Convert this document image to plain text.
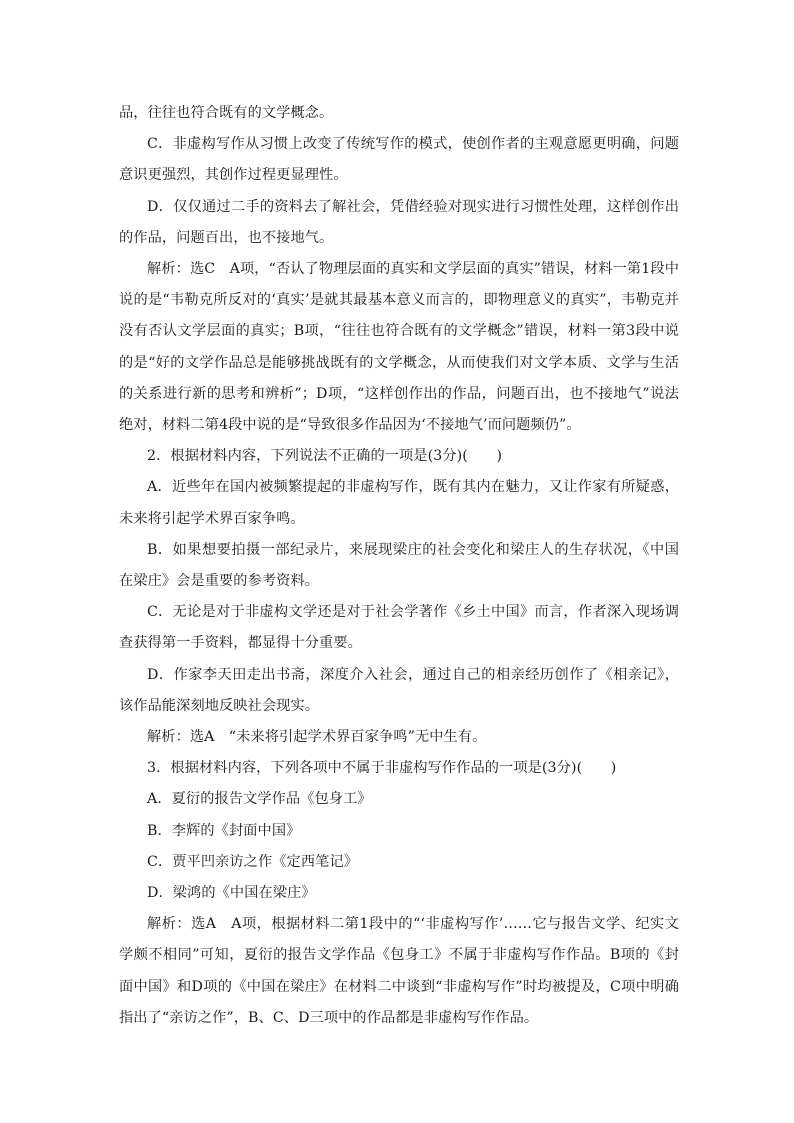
品，往往也符合既有的文学概念。

C．非虚构写作从习惯上改变了传统写作的模式，使创作者的主观意愿更明确，问题意识更强烈，其创作过程更显理性。

D．仅仅通过二手的资料去了解社会，凭借经验对现实进行习惯性处理，这样创作出的作品，问题百出，也不接地气。

解析：选C　A项，“否认了物理层面的真实和文学层面的真实”错误，材料一第1段中说的是“韦勒克所反对的‘真实’是就其最基本意义而言的，即物理意义的真实”，韦勒克并没有否认文学层面的真实；B项，“往往也符合既有的文学概念”错误，材料一第3段中说的是“好的文学作品总是能够挑战既有的文学概念，从而使我们对文学本质、文学与生活的关系进行新的思考和辨析”；D项，“这样创作出的作品，问题百出，也不接地气”说法绝对，材料二第4段中说的是“导致很多作品因为‘不接地气’而问题频仍”。

2．根据材料内容，下列说法不正确的一项是(3分)(　　)

A．近些年在国内被频繁提起的非虚构写作，既有其内在魅力，又让作家有所疑惑，未来将引起学术界百家争鸣。

B．如果想要拍摄一部纪录片，来展现梁庄的社会变化和梁庄人的生存状况，《中国在梁庄》会是重要的参考资料。

C．无论是对于非虚构文学还是对于社会学著作《乡土中国》而言，作者深入现场调查获得第一手资料，都显得十分重要。

D．作家李天田走出书斋，深度介入社会，通过自己的相亲经历创作了《相亲记》，该作品能深刻地反映社会现实。

解析：选A　“未来将引起学术界百家争鸣”无中生有。

3．根据材料内容，下列各项中不属于非虚构写作作品的一项是(3分)(　　)

A．夏衍的报告文学作品《包身工》

B．李辉的《封面中国》

C．贾平凹亲访之作《定西笔记》

D．梁鸿的《中国在梁庄》

解析：选A　A项，根据材料二第1段中的“‘非虚构写作’……它与报告文学、纪实文学颇不相同”可知，夏衍的报告文学作品《包身工》不属于非虚构写作作品。B项的《封面中国》和D项的《中国在梁庄》在材料二中谈到“非虚构写作”时均被提及，C项中明确指出了“亲访之作”，B、C、D三项中的作品都是非虚构写作作品。
